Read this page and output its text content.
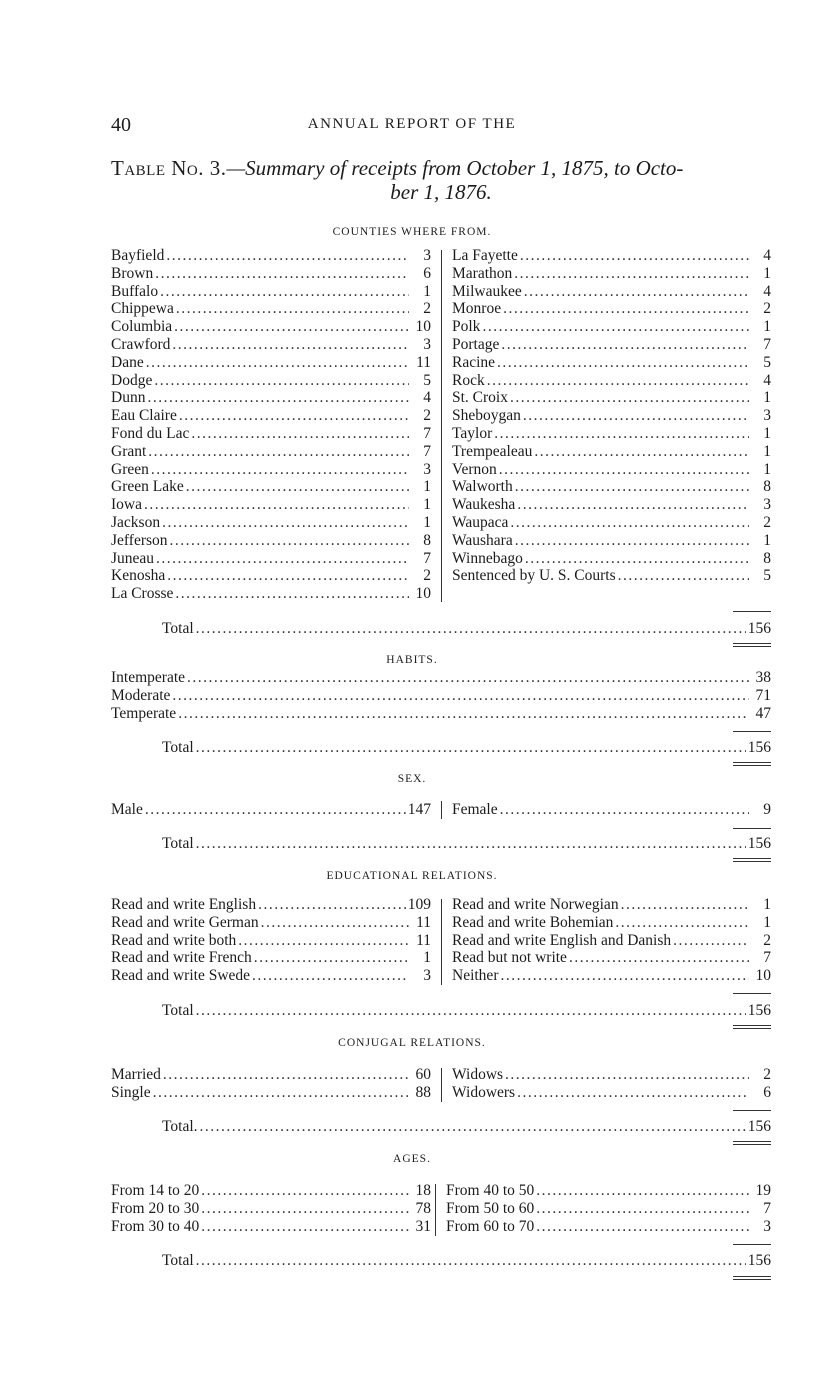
40	ANNUAL REPORT OF THE
Table No. 3.—Summary of receipts from October 1, 1875, to Octo-
ber 1, 1876.
COUNTIES WHERE FROM.
Bayfield .....	3
Brown .....	6
Buffalo .....	1
Chippewa .....	2
Columbia .....	10
Crawford .....	3
Dane .....	11
Dodge .....	5
Dunn .....	4
Eau Claire .....	2
Fond du Lac .....	7
Grant .....	7
Green .....	3
Green Lake .....	1
Iowa .....	1
Jackson .....	1
Jefferson .....	8
Juneau .....	7
Kenosha .....	2
La Crosse .....	10
La Fayette .....	4
Marathon .....	1
Milwaukee .....	4
Monroe .....	2
Polk .....	1
Portage .....	7
Racine .....	5
Rock .....	4
St. Croix .....	1
Sheboygan .....	3
Taylor .....	1
Trempealeau .....	1
Vernon .....	1
Walworth .....	8
Waukesha .....	3
Waupaca .....	2
Waushara .....	1
Winnebago .....	8
Sentenced by U. S. Courts .....	5
Total .....	156
HABITS.
Intemperate .....	38
Moderate .....	71
Temperate .....	47
Total .....	156
SEX.
Male .....	147 Female .....	9
Total .....	156
EDUCATIONAL RELATIONS.
Read and write English .....	109
Read and write German .....	11
Read and write both .....	11
Read and write French .....	1
Read and write Swede .....	3
Read and write Norwegian .....	1
Read and write Bohemian .....	1
Read and write English and Danish .....	2
Read but not write .....	7
Neither .....	10
Total .....	156
CONJUGAL RELATIONS.
Married .....	60
Single .....	88
Widows .....	2
Widowers .....	6
Total. .....	156
AGES.
From 14 to 20 .....	18
From 20 to 30 .....	78
From 30 to 40 .....	31
From 40 to 50 .....	19
From 50 to 60 .....	7
From 60 to 70 .....	3
Total .....	156
